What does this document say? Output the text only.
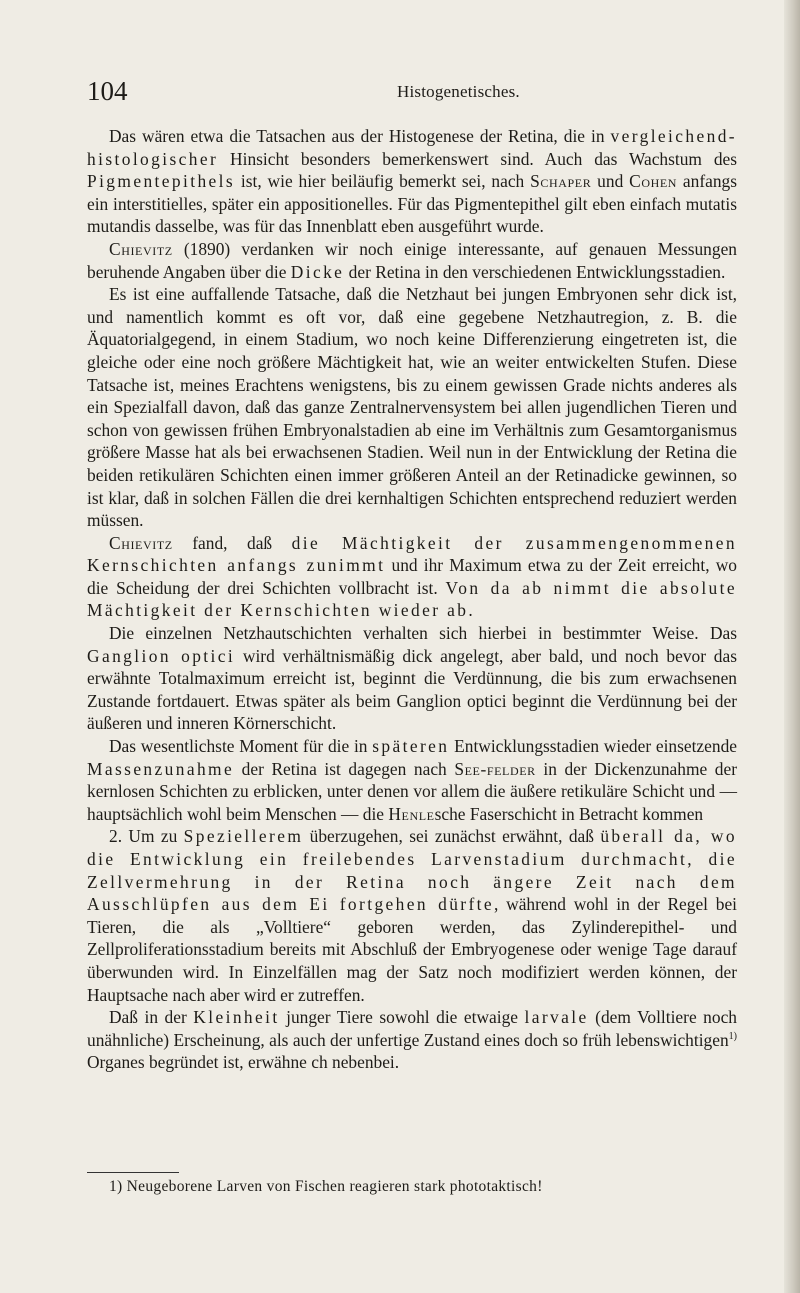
104	Histogenetisches.

Das wären etwa die Tatsachen aus der Histogenese der Retina, die in vergleichend-histologischer Hinsicht besonders bemerkenswert sind. Auch das Wachstum des Pigmentepithels ist, wie hier beiläufig bemerkt sei, nach Schaper und Cohen anfangs ein interstitielles, später ein appositionelles. Für das Pigmentepithel gilt eben einfach mutatis mutandis dasselbe, was für das Innenblatt eben ausgeführt wurde.

Chievitz (1890) verdanken wir noch einige interessante, auf genauen Messungen beruhende Angaben über die Dicke der Retina in den verschiedenen Entwicklungsstadien.

Es ist eine auffallende Tatsache, daß die Netzhaut bei jungen Embryonen sehr dick ist, und namentlich kommt es oft vor, daß eine gegebene Netzhautregion, z. B. die Äquatorialgegend, in einem Stadium, wo noch keine Differenzierung eingetreten ist, die gleiche oder eine noch größere Mächtigkeit hat, wie an weiter entwickelten Stufen. Diese Tatsache ist, meines Erachtens wenigstens, bis zu einem gewissen Grade nichts anderes als ein Spezialfall davon, daß das ganze Zentralnervensystem bei allen jugendlichen Tieren und schon von gewissen frühen Embryonalstadien ab eine im Verhältnis zum Gesamtorganismus größere Masse hat als bei erwachsenen Stadien. Weil nun in der Entwicklung der Retina die beiden retikulären Schichten einen immer größeren Anteil an der Retinadicke gewinnen, so ist klar, daß in solchen Fällen die drei kernhaltigen Schichten entsprechend reduziert werden müssen.

Chievitz fand, daß die Mächtigkeit der zusammengenommenen Kernschichten anfangs zunimmt und ihr Maximum etwa zu der Zeit erreicht, wo die Scheidung der drei Schichten vollbracht ist. Von da ab nimmt die absolute Mächtigkeit der Kernschichten wieder ab.

Die einzelnen Netzhautschichten verhalten sich hierbei in bestimmter Weise. Das Ganglion optici wird verhältnismäßig dick angelegt, aber bald, und noch bevor das erwähnte Totalmaximum erreicht ist, beginnt die Verdünnung, die bis zum erwachsenen Zustande fortdauert. Etwas später als beim Ganglion optici beginnt die Verdünnung bei der äußeren und inneren Körnerschicht.

Das wesentlichste Moment für die in späteren Entwicklungsstadien wieder einsetzende Massenzunahme der Retina ist dagegen nach See-felder in der Dickenzunahme der kernlosen Schichten zu erblicken, unter denen vor allem die äußere retikuläre Schicht und — hauptsächlich wohl beim Menschen — die Henlesche Faserschicht in Betracht kommen

2. Um zu Speziellerem überzugehen, sei zunächst erwähnt, daß überall da, wo die Entwicklung ein freilebendes Larvenstadium durchmacht, die Zellvermehrung in der Retina noch ängere Zeit nach dem Ausschlüpfen aus dem Ei fortgehen dürfte, während wohl in der Regel bei Tieren, die als „Volltiere“ geboren werden, das Zylinderepithel- und Zellproliferationsstadium bereits mit Abschluß der Embryogenese oder wenige Tage darauf überwunden wird. In Einzelfällen mag der Satz noch modifiziert werden können, der Hauptsache nach aber wird er zutreffen.

Daß in der Kleinheit junger Tiere sowohl die etwaige larvale (dem Volltiere noch unähnliche) Erscheinung, als auch der unfertige Zustand eines doch so früh lebenswichtigen$^{1)}$ Organes begründet ist, erwähne ch nebenbei.

1) Neugeborene Larven von Fischen reagieren stark phototaktisch!
